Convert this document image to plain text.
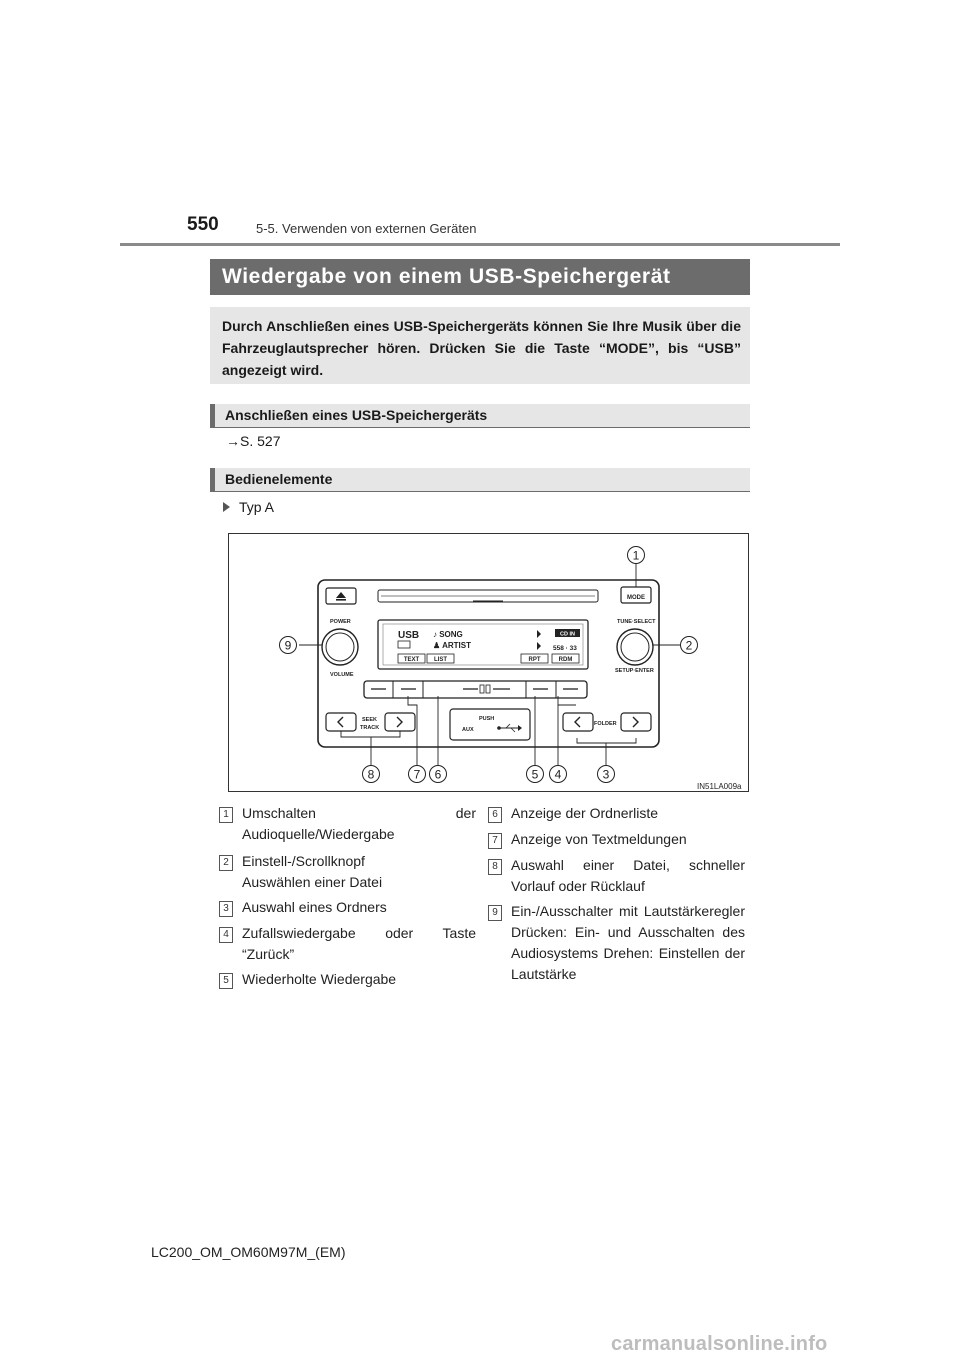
550	5-5. Verwenden von externen Geräten
Wiedergabe von einem USB-Speichergerät
Durch Anschließen eines USB-Speichergeräts können Sie Ihre Musik über die Fahrzeuglautsprecher hören. Drücken Sie die Taste “MODE”, bis “USB” angezeigt wird.
Anschließen eines USB-Speichergeräts
→S. 527
Bedienelemente
Typ A
MODE
POWER
VOLUME
TUNE·SELECT
SETUP·ENTER
USB ♪ SONG
♟ ARTIST
CD IN
558 · 33
TEXT LIST	RPT	RDM
SEEK
TRACK
PUSH
AUX
FOLDER
1
2
3
4
5
6
7
8
9
IN51LA009a
1 Umschalten der Audioquelle/Wiedergabe
2 Einstell-/Scrollknopf Auswählen einer Datei
3 Auswahl eines Ordners
4 Zufallswiedergabe oder Taste “Zurück”
5 Wiederholte Wiedergabe
6 Anzeige der Ordnerliste
7 Anzeige von Textmeldungen
8 Auswahl einer Datei, schneller Vorlauf oder Rücklauf
9 Ein-/Ausschalter mit Lautstärkeregler Drücken: Ein- und Ausschalten des Audiosystems Drehen: Einstellen der Lautstärke
LC200_OM_OM60M97M_(EM)
carmanualsonline.info
